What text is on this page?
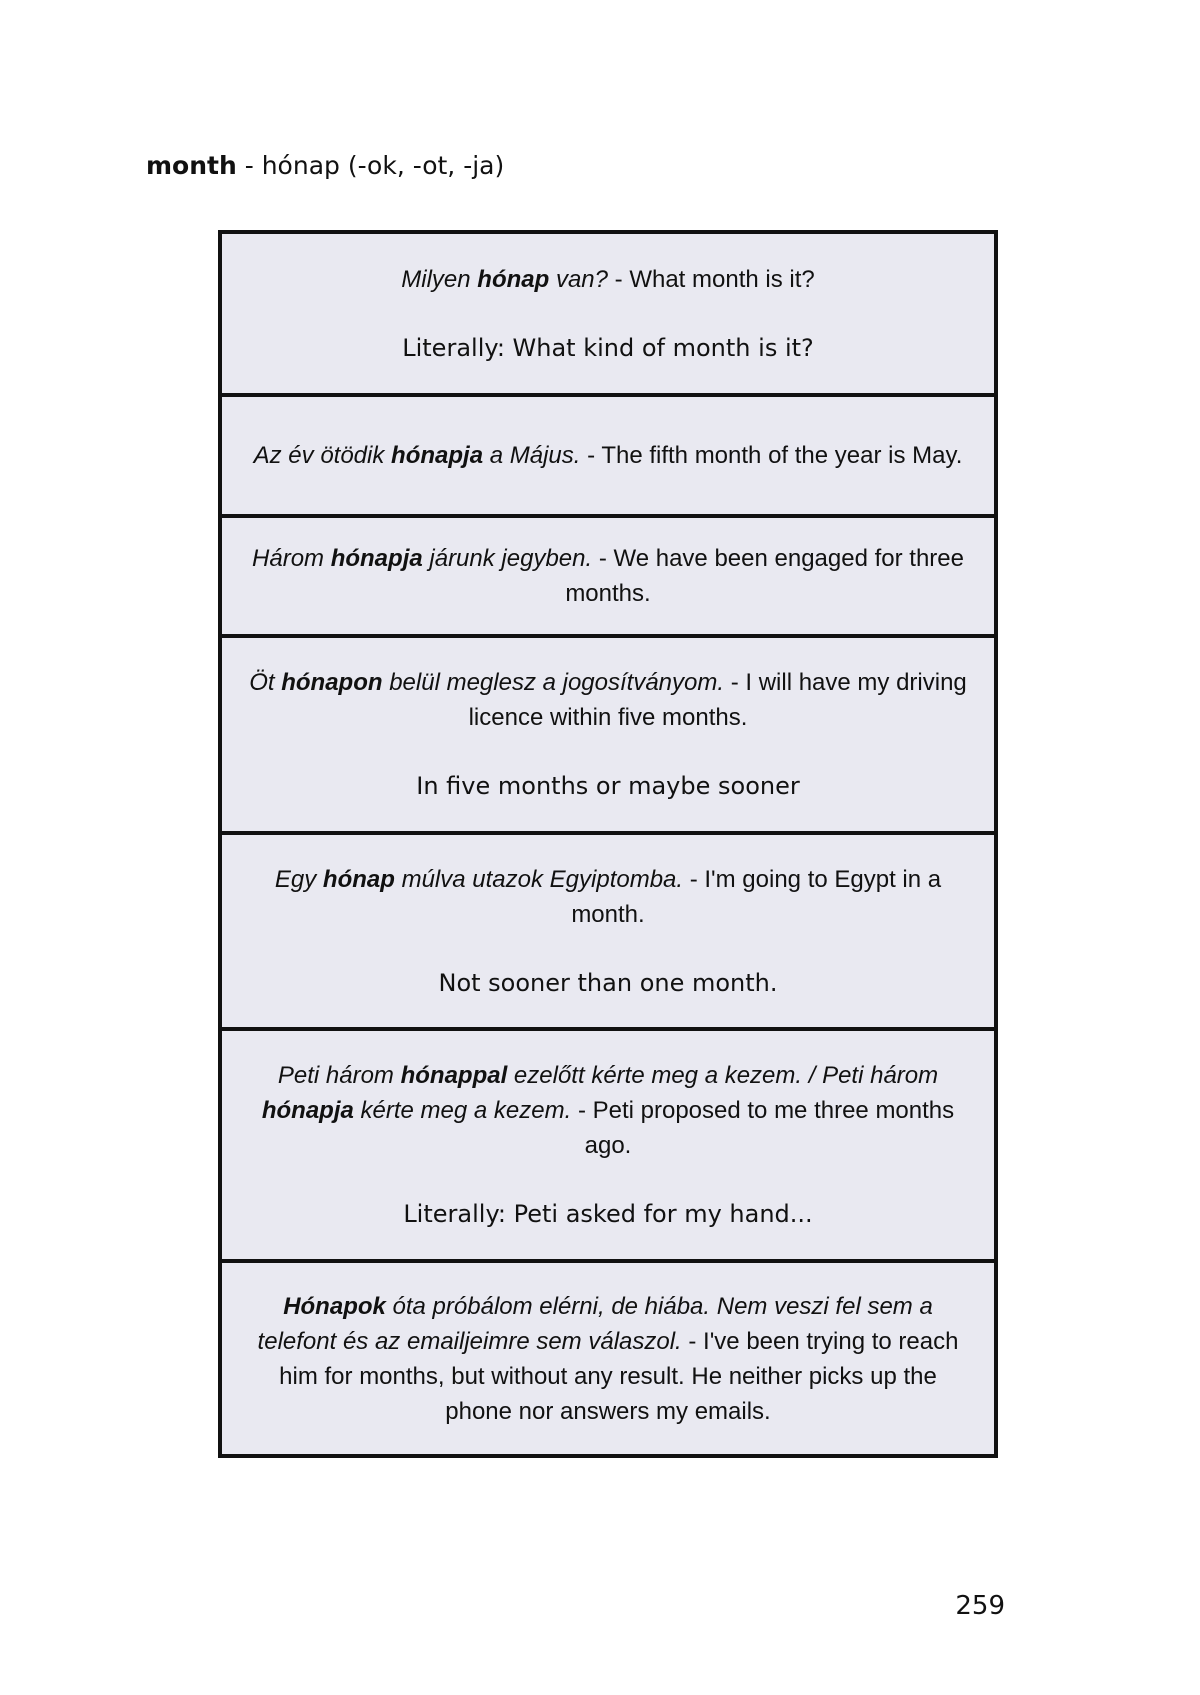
month - hónap (-ok, -ot, -ja)

Milyen hónap van? - What month is it?

Literally: What kind of month is it?

Az év ötödik hónapja a Május. - The fifth month of the year is May.

Három hónapja járunk jegyben. - We have been engaged for three months.

Öt hónapon belül meglesz a jogosítványom. - I will have my driving licence within five months.

In five months or maybe sooner

Egy hónap múlva utazok Egyiptomba. - I'm going to Egypt in a month.

Not sooner than one month.

Peti három hónappal ezelőtt kérte meg a kezem. / Peti három hónapja kérte meg a kezem. - Peti proposed to me three months ago.

Literally: Peti asked for my hand...

Hónapok óta próbálom elérni, de hiába. Nem veszi fel sem a telefont és az emailjeimre sem válaszol. - I've been trying to reach him for months, but without any result. He neither picks up the phone nor answers my emails.

259
